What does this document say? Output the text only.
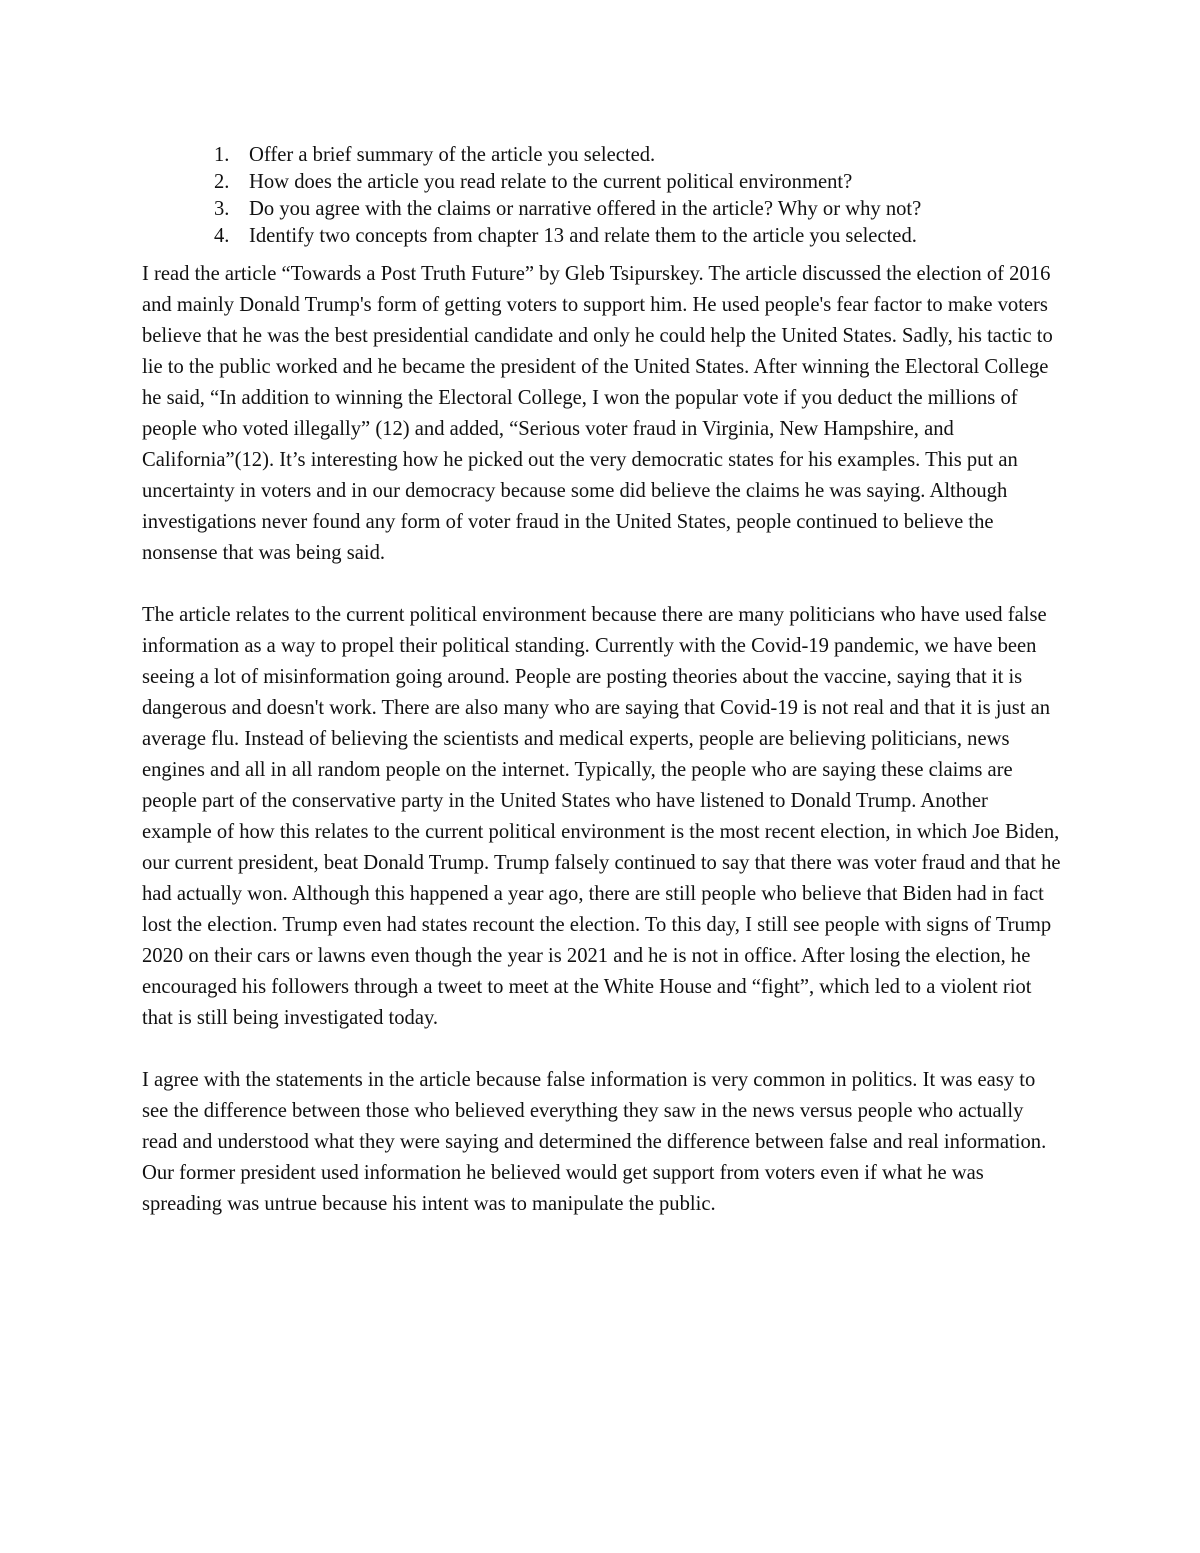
1. Offer a brief summary of the article you selected.
2. How does the article you read relate to the current political environment?
3. Do you agree with the claims or narrative offered in the article? Why or why not?
4. Identify two concepts from chapter 13 and relate them to the article you selected.

I read the article “Towards a Post Truth Future” by Gleb Tsipurskey. The article discussed the election of 2016 and mainly Donald Trump's form of getting voters to support him. He used people's fear factor to make voters believe that he was the best presidential candidate and only he could help the United States. Sadly, his tactic to lie to the public worked and he became the president of the United States. After winning the Electoral College he said, “In addition to winning the Electoral College, I won the popular vote if you deduct the millions of people who voted illegally” (12) and added, “Serious voter fraud in Virginia, New Hampshire, and California”(12). It’s interesting how he picked out the very democratic states for his examples. This put an uncertainty in voters and in our democracy because some did believe the claims he was saying. Although investigations never found any form of voter fraud in the United States, people continued to believe the nonsense that was being said.

The article relates to the current political environment because there are many politicians who have used false information as a way to propel their political standing. Currently with the Covid-19 pandemic, we have been seeing a lot of misinformation going around. People are posting theories about the vaccine, saying that it is dangerous and doesn't work. There are also many who are saying that Covid-19 is not real and that it is just an average flu. Instead of believing the scientists and medical experts, people are believing politicians, news engines and all in all random people on the internet. Typically, the people who are saying these claims are people part of the conservative party in the United States who have listened to Donald Trump. Another example of how this relates to the current political environment is the most recent election, in which Joe Biden, our current president, beat Donald Trump. Trump falsely continued to say that there was voter fraud and that he had actually won. Although this happened a year ago, there are still people who believe that Biden had in fact lost the election. Trump even had states recount the election. To this day, I still see people with signs of Trump 2020 on their cars or lawns even though the year is 2021 and he is not in office. After losing the election, he encouraged his followers through a tweet to meet at the White House and “fight”, which led to a violent riot that is still being investigated today.

I agree with the statements in the article because false information is very common in politics. It was easy to see the difference between those who believed everything they saw in the news versus people who actually read and understood what they were saying and determined the difference between false and real information. Our former president used information he believed would get support from voters even if what he was spreading was untrue because his intent was to manipulate the public.
